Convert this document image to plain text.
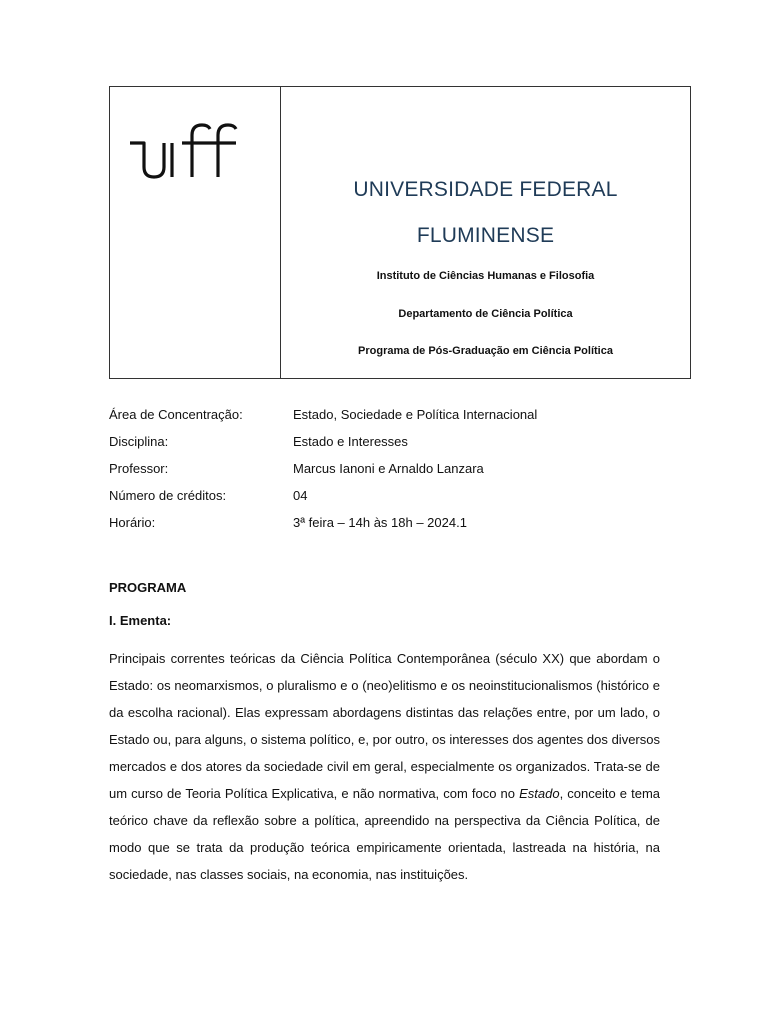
UNIVERSIDADE FEDERAL
FLUMINENSE
Instituto de Ciências Humanas e Filosofia
Departamento de Ciência Política
Programa de Pós-Graduação em Ciência Política
Área de Concentração:	Estado, Sociedade e Política Internacional
Disciplina:	Estado e Interesses
Professor:	Marcus Ianoni e Arnaldo Lanzara
Número de créditos:	04
Horário:	3ª feira – 14h às 18h – 2024.1
PROGRAMA
I. Ementa:

Principais correntes teóricas da Ciência Política Contemporânea (século XX) que abordam o Estado: os neomarxismos, o pluralismo e o (neo)elitismo e os neoinstitucionalismos (histórico e da escolha racional). Elas expressam abordagens distintas das relações entre, por um lado, o Estado ou, para alguns, o sistema político, e, por outro, os interesses dos agentes dos diversos mercados e dos atores da sociedade civil em geral, especialmente os organizados. Trata-se de um curso de Teoria Política Explicativa, e não normativa, com foco no Estado, conceito e tema teórico chave da reflexão sobre a política, apreendido na perspectiva da Ciência Política, de modo que se trata da produção teórica empiricamente orientada, lastreada na história, na sociedade, nas classes sociais, na economia, nas instituições.
